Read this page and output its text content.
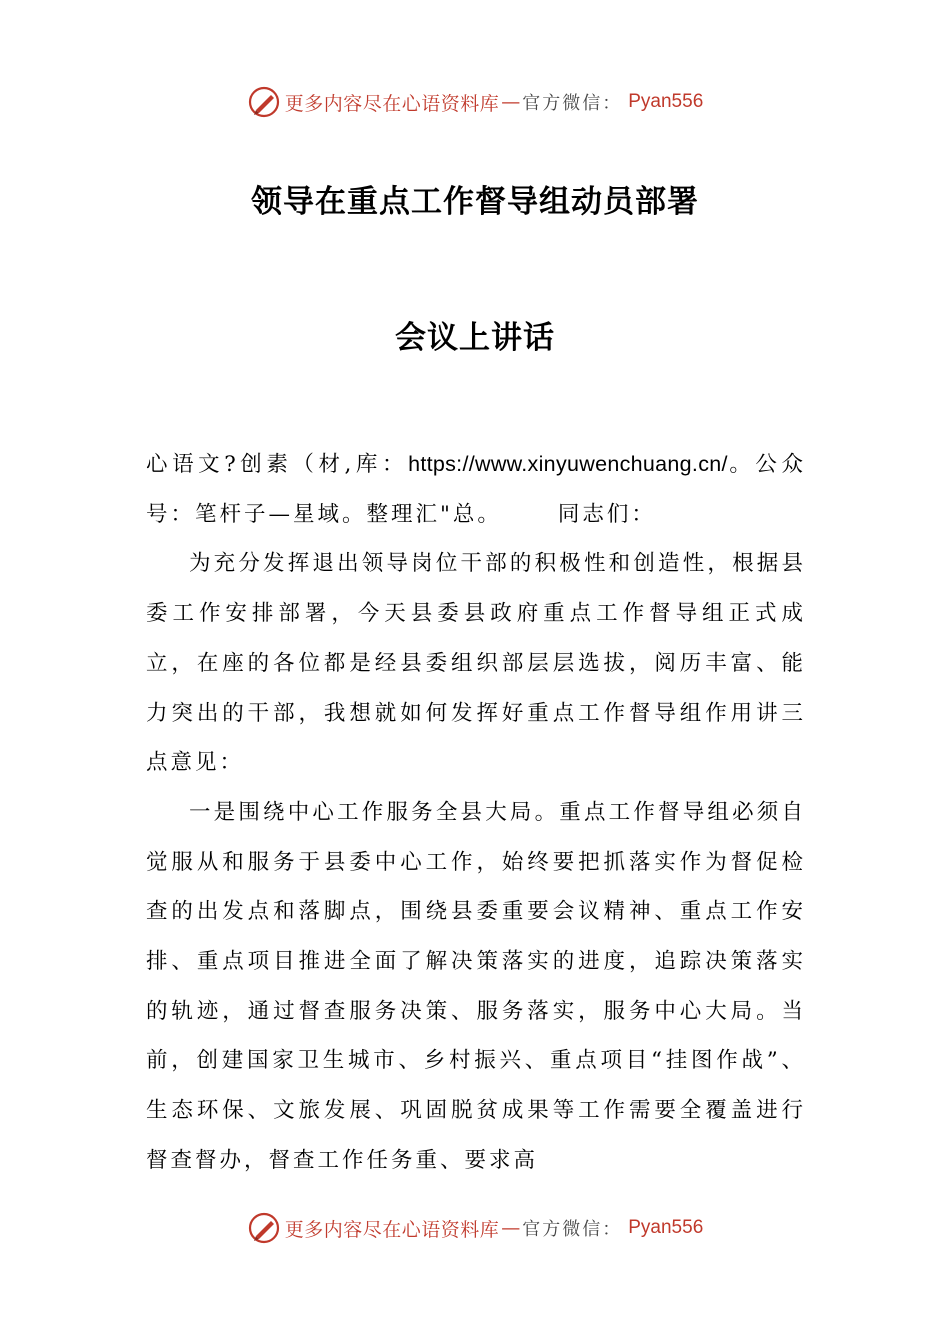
更多内容尽在心语资料库 — 官方微信： Pyan556
领导在重点工作督导组动员部署
会议上讲话

心语文?创素（材,库：https://www.xinyuwenchuang.cn/。公众号：笔杆子—星域。整理汇"总。	同志们：

为充分发挥退出领导岗位干部的积极性和创造性，根据县委工作安排部署，今天县委县政府重点工作督导组正式成立，在座的各位都是经县委组织部层层选拔，阅历丰富、能力突出的干部，我想就如何发挥好重点工作督导组作用讲三点意见：

一是围绕中心工作服务全县大局。重点工作督导组必须自觉服从和服务于县委中心工作，始终要把抓落实作为督促检查的出发点和落脚点，围绕县委重要会议精神、重点工作安排、重点项目推进全面了解决策落实的进度，追踪决策落实的轨迹，通过督查服务决策、服务落实，服务中心大局。当前，创建国家卫生城市、乡村振兴、重点项目“挂图作战”、生态环保、文旅发展、巩固脱贫成果等工作需要全覆盖进行督查督办，督查工作任务重、要求高

更多内容尽在心语资料库 — 官方微信： Pyan556
